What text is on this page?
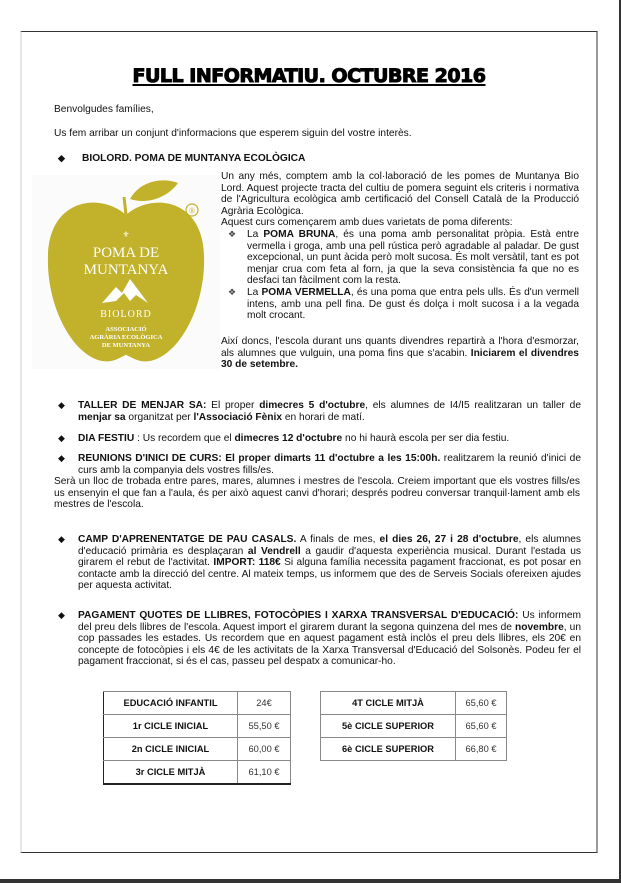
FULL INFORMATIU. OCTUBRE 2016
Benvolgudes famílies,
Us fem arribar un conjunt d'informacions que esperem siguin del vostre interès.
◆ BIOLORD. POMA DE MUNTANYA ECOLÒGICA
®
⚜
POMA DE
MUNTANYA
BIOLORD
ASSOCIACIÓ
AGRÀRIA ECOLÒGICA
DE MUNTANYA
⚜

Un any més, comptem amb la col·laboració de les pomes de Muntanya Bio Lord. Aquest projecte tracta del cultiu de pomera seguint els criteris i normativa de l'Agricultura ecològica amb certificació del Consell Català de la Producció Agrària Ecològica.

Aquest curs començarem amb dues varietats de poma diferents:

❖ La POMA BRUNA, és una poma amb personalitat pròpia. Està entre vermella i groga, amb una pell rústica però agradable al paladar. De gust excepcional, un punt àcida però molt sucosa. És molt versàtil, tant es pot menjar crua com feta al forn, ja que la seva consistència fa que no es desfaci tan fàcilment com la resta.
❖ La POMA VERMELLA, és una poma que entra pels ulls. És d'un vermell intens, amb una pell fina. De gust és dolça i molt sucosa i a la vegada molt crocant.
Així doncs, l'escola durant uns quants divendres repartirà a l'hora d'esmorzar, als alumnes que vulguin, una poma fins que s'acabin. Iniciarem el divendres 30 de setembre.
◆	TALLER DE MENJAR SA: El proper dimecres 5 d'octubre, els alumnes de I4/I5 realitzaran un taller de menjar sa organitzat per l'Associació Fènix en horari de matí.
◆	DIA FESTIU : Us recordem que el dimecres 12 d'octubre no hi haurà escola per ser dia festiu.
◆	REUNIONS D'INICI DE CURS: El proper dimarts 11 d'octubre a les 15:00h. realitzarem la reunió d'inici de curs amb la companyia dels vostres fills/es.
Serà un lloc de trobada entre pares, mares, alumnes i mestres de l'escola. Creiem important que els vostres fills/es us ensenyin el que fan a l'aula, és per això aquest canvi d'horari; després podreu conversar tranquil·lament amb els mestres de l'escola.
◆	CAMP D'APRENENTATGE DE PAU CASALS. A finals de mes, el dies 26, 27 i 28 d'octubre, els alumnes d'educació primària es desplaçaran al Vendrell a gaudir d'aquesta experiència musical. Durant l'estada us girarem el rebut de l'activitat. IMPORT: 118€ Si alguna família necessita pagament fraccionat, es pot posar en contacte amb la direcció del centre. Al mateix temps, us informem que des de Serveis Socials ofereixen ajudes per aquesta activitat.
◆	PAGAMENT QUOTES DE LLIBRES, FOTOCÒPIES I XARXA TRANSVERSAL D'EDUCACIÓ: Us informem del preu dels llibres de l'escola. Aquest import el girarem durant la segona quinzena del mes de novembre, un cop passades les estades. Us recordem que en aquest pagament està inclòs el preu dels llibres, els 20€ en concepte de fotocòpies i els 4€ de les activitats de la Xarxa Transversal d'Educació del Solsonès. Podeu fer el pagament fraccionat, si és el cas, passeu pel despatx a comunicar-ho.
EDUCACIÓ INFANTIL	24€
1r CICLE INICIAL	55,50 €
2n CICLE INICIAL	60,00 €
3r CICLE MITJÀ	61,10 €
4T CICLE MITJÀ	65,60 €
5è CICLE SUPERIOR	65,60 €
6è CICLE SUPERIOR	66,80 €
